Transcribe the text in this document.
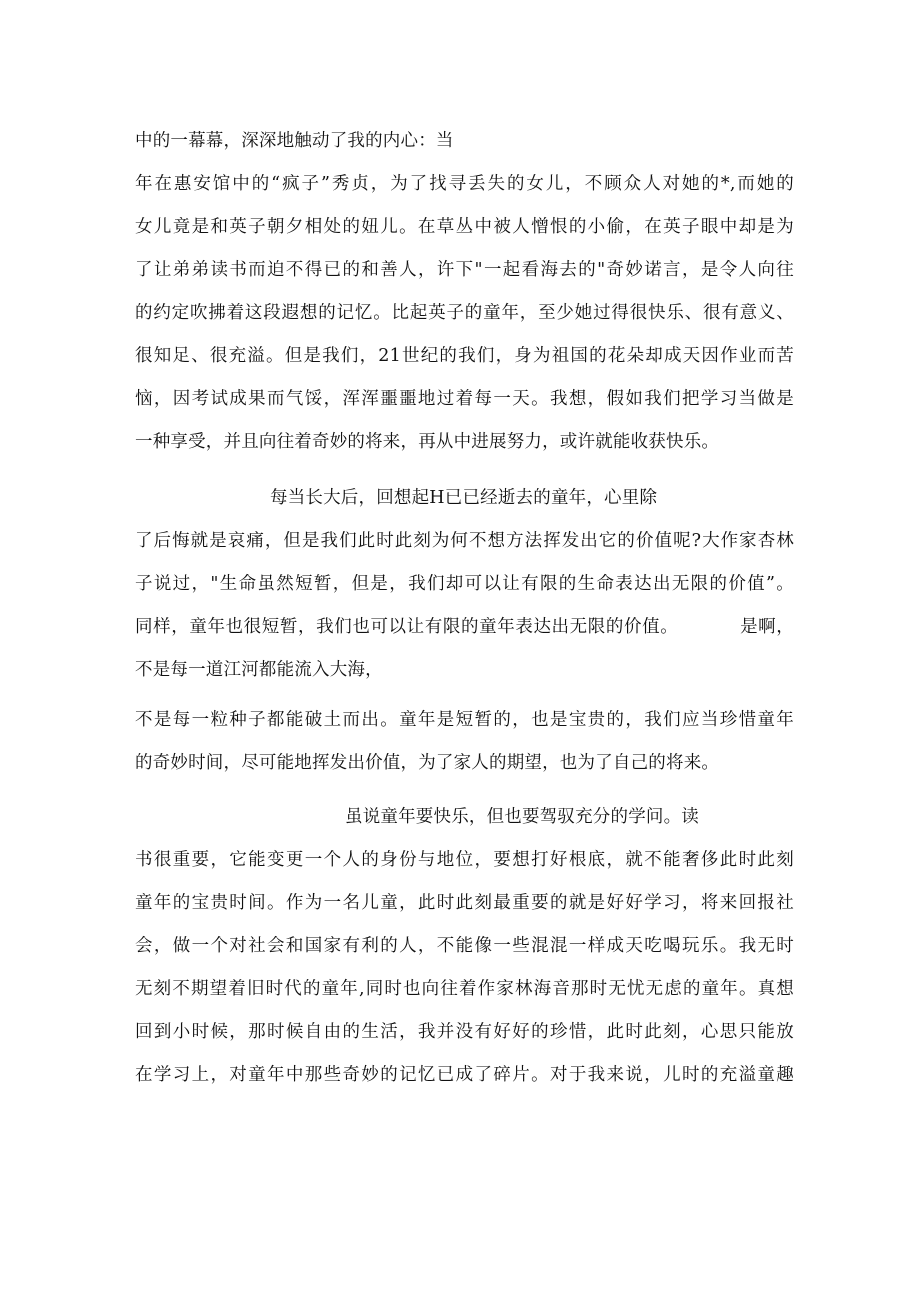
中的一幕幕，深深地触动了我的内心：当
年在惠安馆中的“疯子”秀贞，为了找寻丢失的女儿，不顾众人对她的*,而她的
女儿竟是和英子朝夕相处的妞儿。在草丛中被人憎恨的小偷，在英子眼中却是为
了让弟弟读书而迫不得已的和善人，许下"一起看海去的"奇妙诺言，是令人向往
的约定吹拂着这段遐想的记忆。比起英子的童年，至少她过得很快乐、很有意义、
很知足、很充溢。但是我们，21世纪的我们，身为祖国的花朵却成天因作业而苦
恼，因考试成果而气馁，浑浑噩噩地过着每一天。我想，假如我们把学习当做是
一种享受，并且向往着奇妙的将来，再从中进展努力，或许就能收获快乐。
每当长大后，回想起H已已经逝去的童年，心里除
了后悔就是哀痛，但是我们此时此刻为何不想方法挥发出它的价值呢?大作家杏林
子说过，"生命虽然短暂，但是，我们却可以让有限的生命表达出无限的价值”。
同样，童年也很短暂，我们也可以让有限的童年表达出无限的价值。          是啊，
不是每一道江河都能流入大海，
不是每一粒种子都能破土而出。童年是短暂的，也是宝贵的，我们应当珍惜童年
的奇妙时间，尽可能地挥发出价值，为了家人的期望，也为了自己的将来。
虽说童年要快乐，但也要驾驭充分的学问。读
书很重要，它能变更一个人的身份与地位，要想打好根底，就不能奢侈此时此刻
童年的宝贵时间。作为一名儿童，此时此刻最重要的就是好好学习，将来回报社
会，做一个对社会和国家有利的人，不能像一些混混一样成天吃喝玩乐。我无时
无刻不期望着旧时代的童年,同时也向往着作家林海音那时无忧无虑的童年。真想
回到小时候，那时候自由的生活，我并没有好好的珍惜，此时此刻，心思只能放
在学习上，对童年中那些奇妙的记忆已成了碎片。对于我来说，儿时的充溢童趣
